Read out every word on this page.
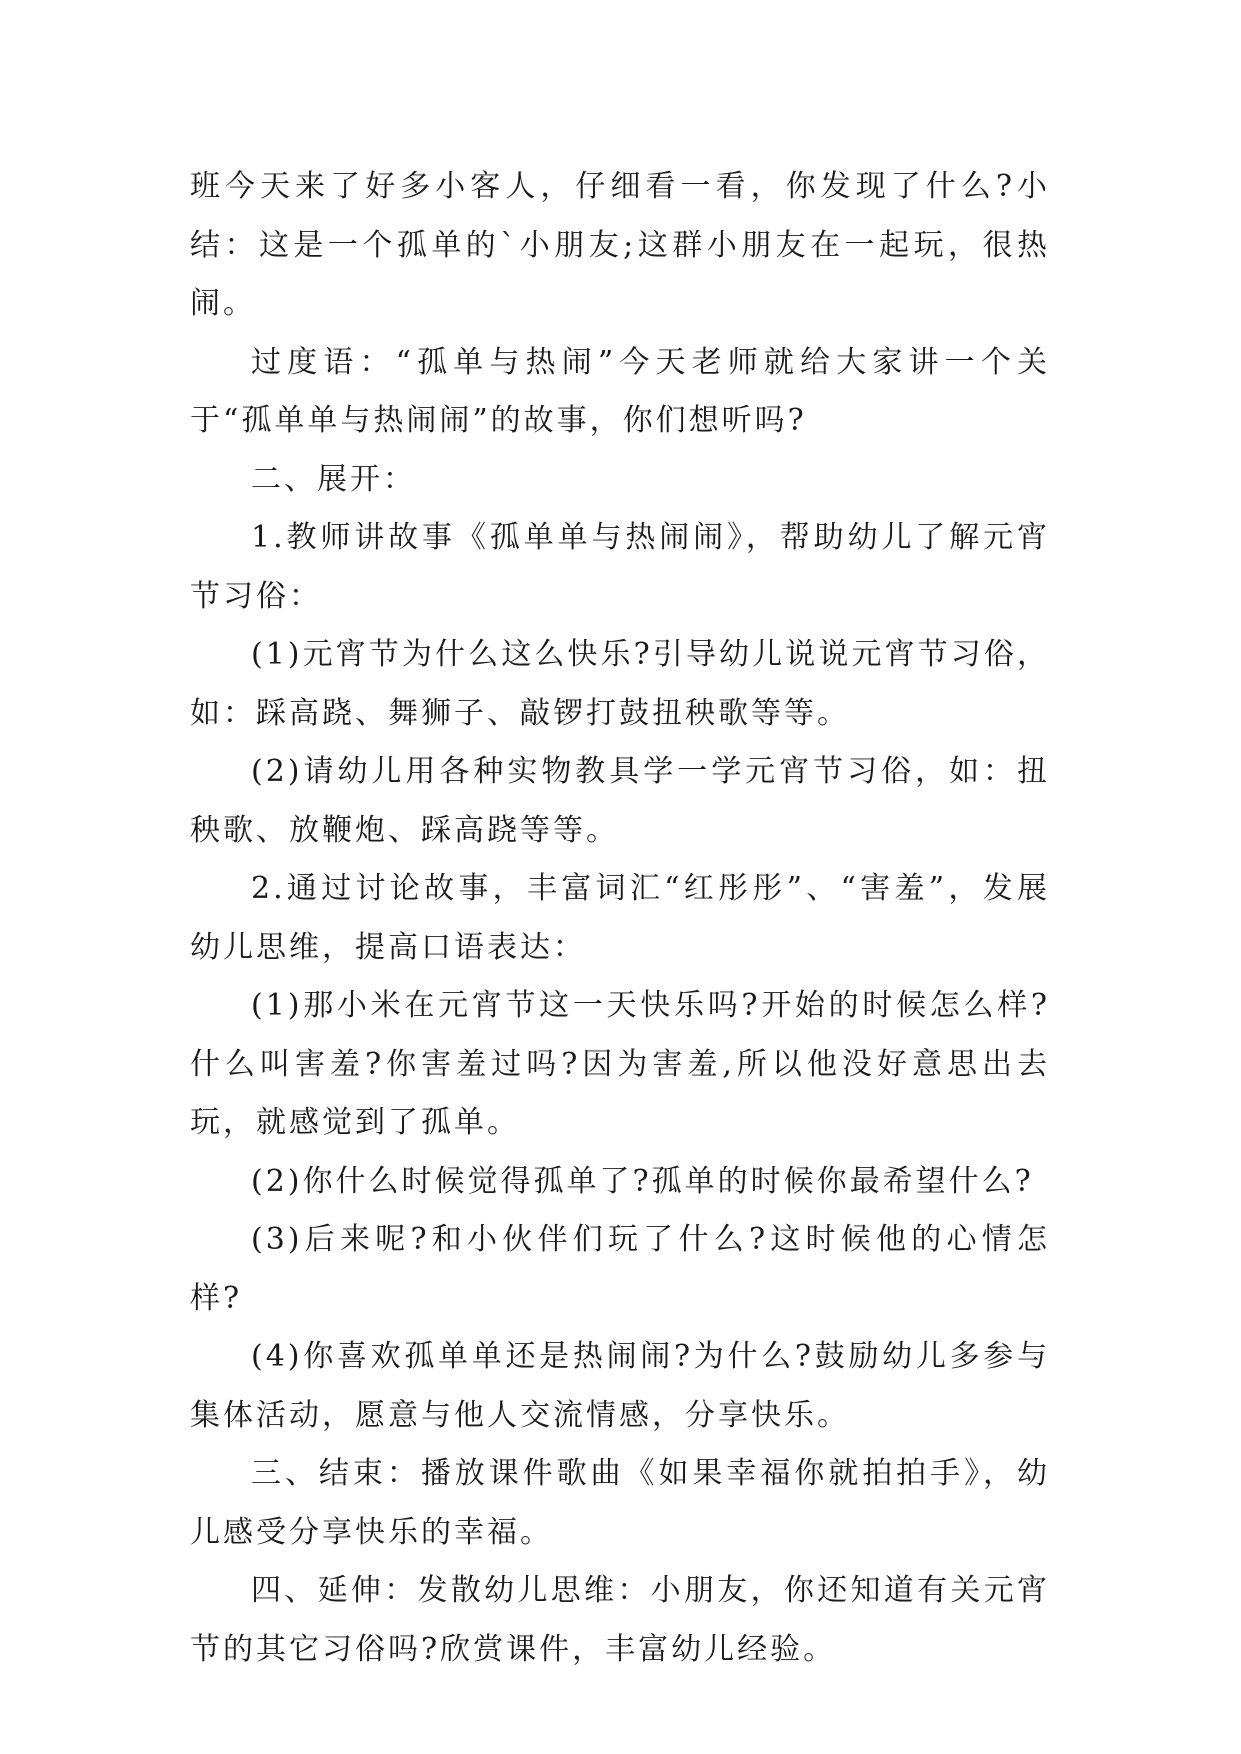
班今天来了好多小客人，仔细看一看，你发现了什么?小结：这是一个孤单的`小朋友;这群小朋友在一起玩，很热闹。

过度语：“孤单与热闹”今天老师就给大家讲一个关于“孤单单与热闹闹”的故事，你们想听吗?

二、展开：

1.教师讲故事《孤单单与热闹闹》，帮助幼儿了解元宵节习俗：

(1)元宵节为什么这么快乐?引导幼儿说说元宵节习俗，如：踩高跷、舞狮子、敲锣打鼓扭秧歌等等。

(2)请幼儿用各种实物教具学一学元宵节习俗，如：扭秧歌、放鞭炮、踩高跷等等。

2.通过讨论故事，丰富词汇“红彤彤”、“害羞”，发展幼儿思维，提高口语表达：

(1)那小米在元宵节这一天快乐吗?开始的时候怎么样?什么叫害羞?你害羞过吗?因为害羞,所以他没好意思出去玩，就感觉到了孤单。

(2)你什么时候觉得孤单了?孤单的时候你最希望什么?

(3)后来呢?和小伙伴们玩了什么?这时候他的心情怎样?

(4)你喜欢孤单单还是热闹闹?为什么?鼓励幼儿多参与集体活动，愿意与他人交流情感，分享快乐。

三、结束：播放课件歌曲《如果幸福你就拍拍手》，幼儿感受分享快乐的幸福。

四、延伸：发散幼儿思维：小朋友，你还知道有关元宵节的其它习俗吗?欣赏课件，丰富幼儿经验。
